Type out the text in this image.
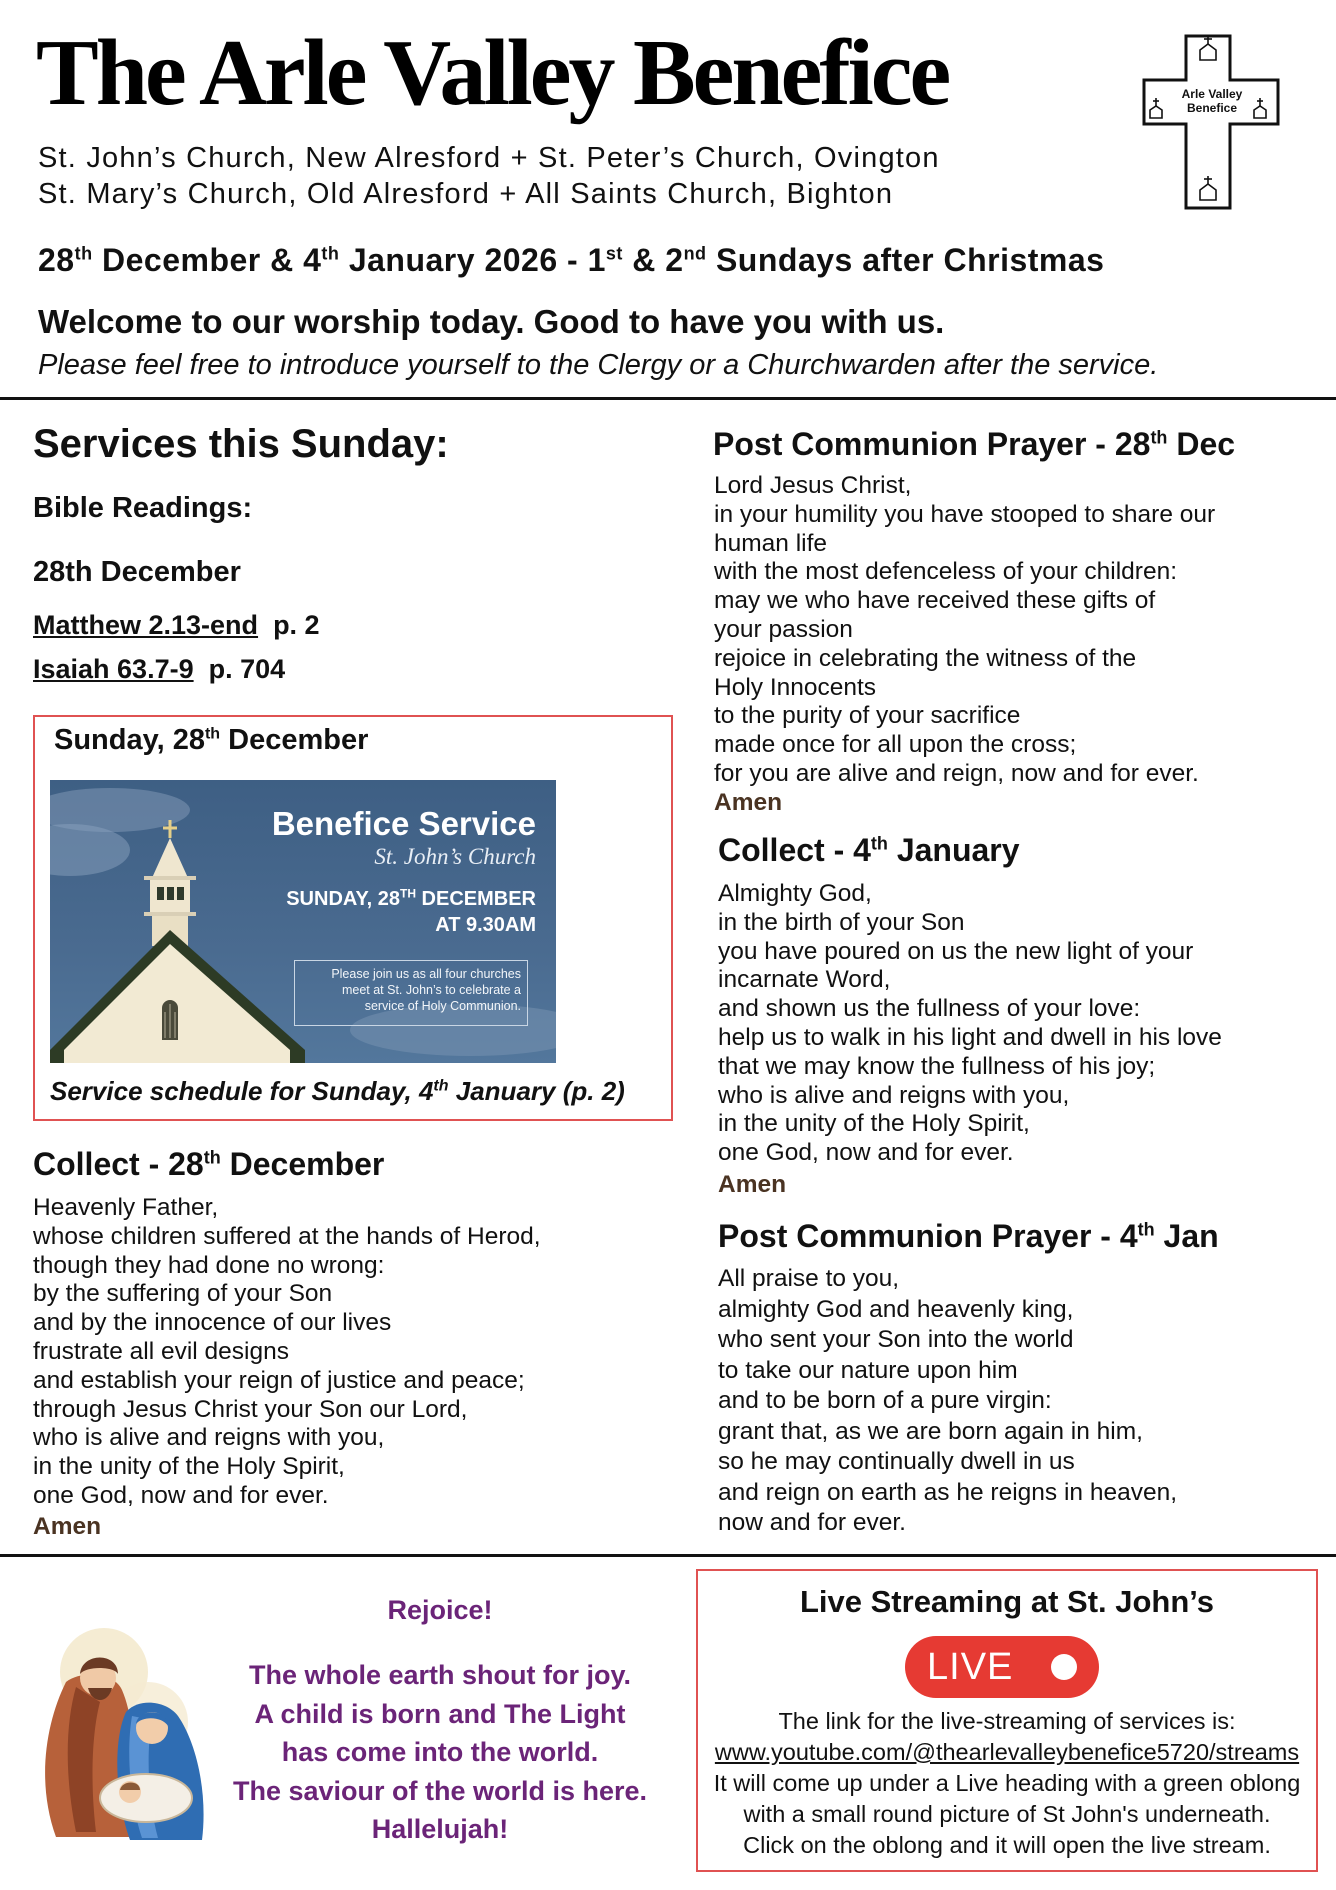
The Arle Valley Benefice
St. John’s Church, New Alresford + St. Peter’s Church, Ovington
St. Mary’s Church, Old Alresford + All Saints Church, Bighton
Arle Valley
Benefice
28th December & 4th January 2026 - 1st & 2nd Sundays after Christmas
Welcome to our worship today. Good to have you with us.
Please feel free to introduce yourself to the Clergy or a Churchwarden after the service.
Services this Sunday:
Bible Readings:
28th December
Matthew 2.13-end p. 2
Isaiah 63.7-9 p. 704
Sunday, 28th December
Benefice Service
St. John’s Church
SUNDAY, 28TH DECEMBER
AT 9.30AM
Please join us as all four churches meet at St. John’s to celebrate a service of Holy Communion.
Service schedule for Sunday, 4th January (p. 2)
Collect - 28th December
Heavenly Father,
whose children suffered at the hands of Herod,
though they had done no wrong:
by the suffering of your Son
and by the innocence of our lives
frustrate all evil designs
and establish your reign of justice and peace;
through Jesus Christ your Son our Lord,
who is alive and reigns with you,
in the unity of the Holy Spirit,
one God, now and for ever.
Amen
Post Communion Prayer - 28th Dec
Lord Jesus Christ,
in your humility you have stooped to share our
human life
with the most defenceless of your children:
may we who have received these gifts of
your passion
rejoice in celebrating the witness of the
Holy Innocents
to the purity of your sacrifice
made once for all upon the cross;
for you are alive and reign, now and for ever.
Amen
Collect - 4th January
Almighty God,
in the birth of your Son
you have poured on us the new light of your
incarnate Word,
and shown us the fullness of your love:
help us to walk in his light and dwell in his love
that we may know the fullness of his joy;
who is alive and reigns with you,
in the unity of the Holy Spirit,
one God, now and for ever.
Amen
Post Communion Prayer - 4th Jan
All praise to you,
almighty God and heavenly king,
who sent your Son into the world
to take our nature upon him
and to be born of a pure virgin:
grant that, as we are born again in him,
so he may continually dwell in us
and reign on earth as he reigns in heaven,
now and for ever.
Rejoice!
The whole earth shout for joy.
A child is born and The Light
has come into the world.
The saviour of the world is here.
Hallelujah!
Live Streaming at St. John’s
LIVE
The link for the live-streaming of services is:
www.youtube.com/@thearlevalleybenefice5720/streams
It will come up under a Live heading with a green oblong
with a small round picture of St John's underneath.
Click on the oblong and it will open the live stream.
